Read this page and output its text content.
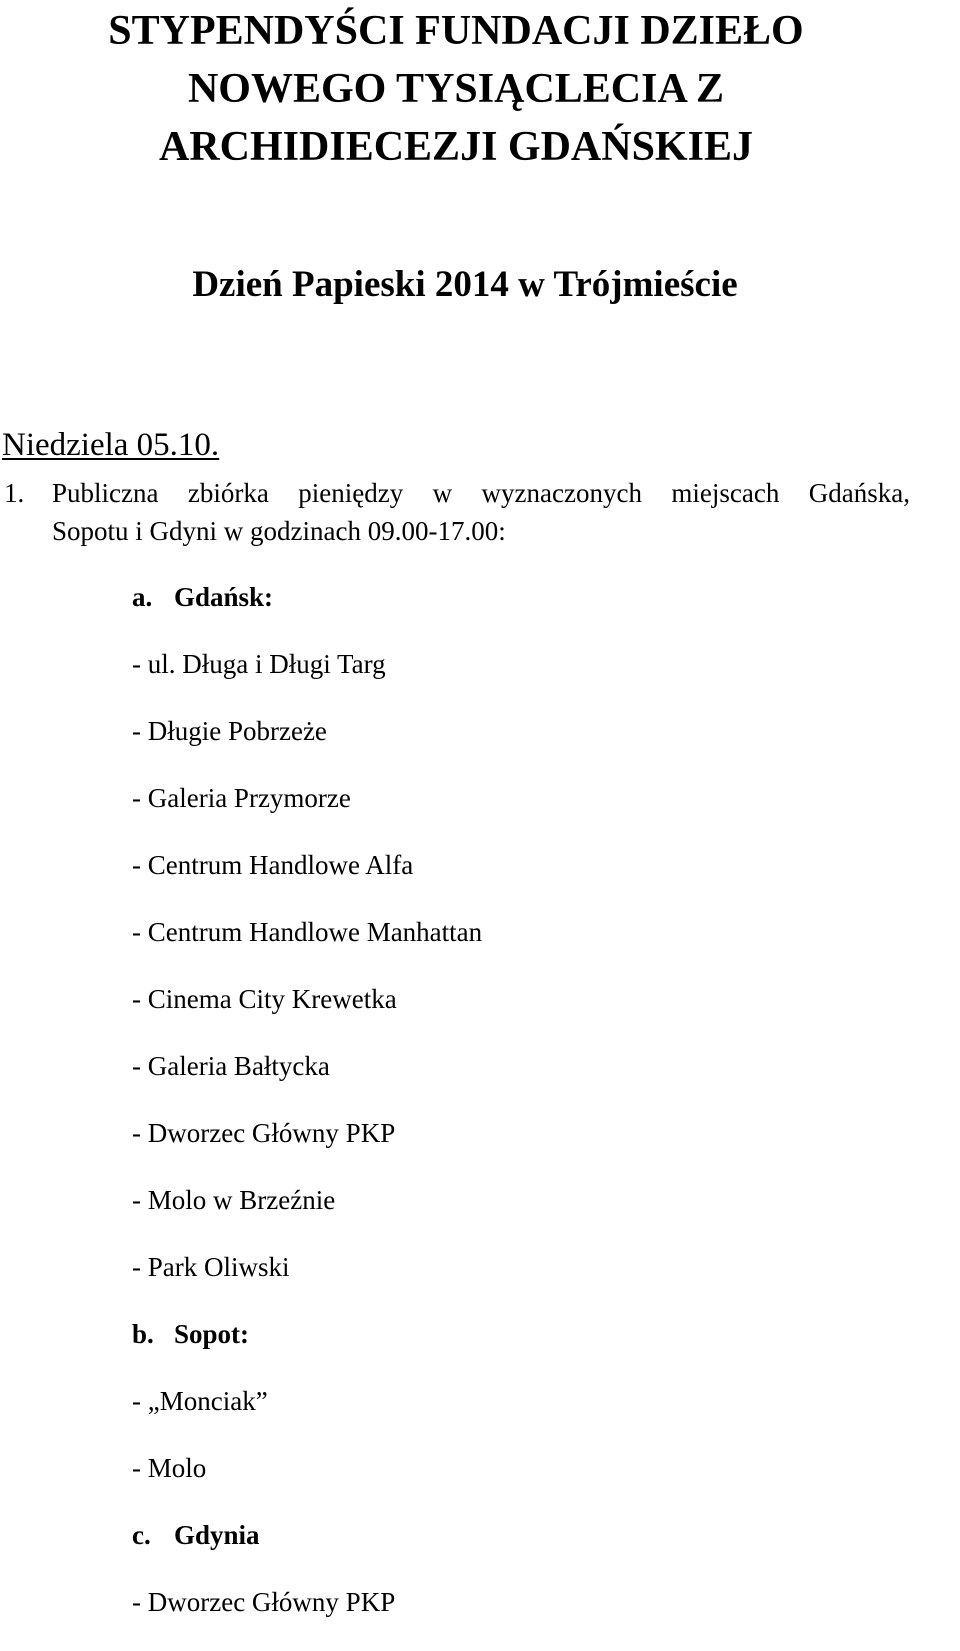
STYPENDYŚCI FUNDACJI DZIEŁO
NOWEGO TYSIĄCLECIA Z
ARCHIDIECEZJI GDAŃSKIEJ
Dzień Papieski 2014 w Trójmieście
Niedziela 05.10.
1. Publiczna zbiórka pieniędzy w wyznaczonych miejscach Gdańska,
Sopotu i Gdyni w godzinach 09.00-17.00:
a. Gdańsk:
- ul. Długa i Długi Targ
- Długie Pobrzeże
- Galeria Przymorze
- Centrum Handlowe Alfa
- Centrum Handlowe Manhattan
- Cinema City Krewetka
- Galeria Bałtycka
- Dworzec Główny PKP
- Molo w Brzeźnie
- Park Oliwski
b. Sopot:
- „Monciak”
- Molo
c. Gdynia
- Dworzec Główny PKP
